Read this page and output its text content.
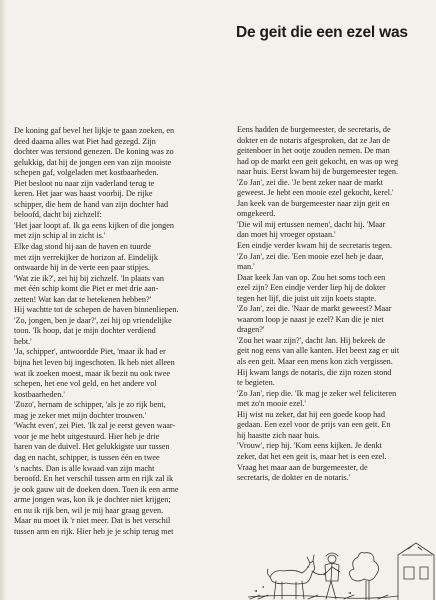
De geit die een ezel was
De koning gaf bevel het lijkje te gaan zoeken, en
deed daarna alles wat Piet had gezegd. Zijn
dochter was terstond genezen. De koning was zo
gelukkig, dat hij de jongen een van zijn mooiste
schepen gaf, volgeladen met kostbaarheden.
Piet besloot nu naar zijn vaderland terug te
keren. Het jaar was haast voorbij. De rijke
schipper, die hem de hand van zijn dochter had
beloofd, dacht bij zichzelf:
'Het jaar loopt af. Ik ga eens kijken of die jongen
met zijn schip al in zicht is.'
Elke dag stond hij aan de haven en tuurde
met zijn verrekijker de horizon af. Eindelijk
ontwaarde hij in de verte een paar stipjes.
'Wat zie ik?', zei hij bij zichzelf. 'In plaats van
met één schip komt die Piet er met drie aan-
zetten! Wat kan dat te betekenen hebben?'
Hij wachtte tot de schepen de haven binnenliepen.
'Zo, jongen, ben je daar?', zei hij op vriendelijke
toon. 'Ik hoop, dat je mijn dochter verdiend
hebt.'
'Ja, schipper', antwoordde Piet, 'maar ik had er
bijna het leven bij ingeschoten. Ik heb niet alleen
wat ik zoeken moest, maar ik bezit nu ook twee
schepen, het ene vol geld, en het andere vol
kostbaarheden.'
'Zozo', hernam de schipper, 'als je zo rijk bent,
mag je zeker met mijn dochter trouwen.'
'Wacht even', zei Piet. 'Ik zal je eerst geven waar-
voor je me hebt uitgestuurd. Hier heb je drie
haren van de duivel. Het gelukkigste uur tussen
dag en nacht, schipper, is tussen één en twee
's nachts. Dan is alle kwaad van zijn macht
beroofd. En het verschil tussen arm en rijk zal ik
je ook gauw uit de doeken doen. Toen ik een arme
arme jongen was, kon ik je dochter niet krijgen;
en nu ik rijk ben, wil je mij haar graag geven.
Maar nu moet ik 'r niet meer. Dat is het verschil
tussen arm en rijk. Hier heb je je schip terug met
Eens hadden de burgemeester, de secretaris, de
dokter en de notaris afgesproken, dat ze Jan de
geitenboer in het ootje zouden nemen. De man
had op de markt een geit gekocht, en was op weg
naar huis. Eerst kwam hij de burgemeester tegen.
'Zo Jan', zei die. 'Je bent zeker naar de markt
geweest. Je hebt een mooie ezel gekocht, kerel.'
Jan keek van de burgemeester naar zijn geit en
omgekeerd.
'Die wil mij ertussen nemen', dacht hij. 'Maar
dan moet hij vroeger opstaan.'
Een eindje verder kwam hij de secretaris tegen.
'Zo Jan', zei die. 'Een mooie ezel heb je daar,
man.'
Daar keek Jan van op. Zou het soms toch een
ezel zijn? Een eindje verder liep hij de dokter
tegen het lijf, die juist uit zijn koets stapte.
'Zo Jan', zei die. 'Naar de markt geweest? Maar
waarom loop je naast je ezel? Kan die je niet
dragen?'
'Zou het waar zijn?', dacht Jan. Hij bekeek de
geit nog eens van alle kanten. Het beest zag er uit
als een geit. Maar een mens kon zich vergissen.
Hij kwam langs de notaris, die zijn rozen stond
te begieten.
'Zo Jan', riep die. 'Ik mag je zeker wel feliciteren
met zo'n mooie ezel.'
Hij wist nu zeker, dat hij een goede koop had
gedaan. Een ezel voor de prijs van een geit. En
hij haastte zich naar huis.
'Vrouw', riep hij. 'Kom eens kijken. Je denkt
zeker, dat het een geit is, maar het is een ezel.
Vraag het maar aan de burgemeester, de
secretaris, de dokter en de notaris.'
